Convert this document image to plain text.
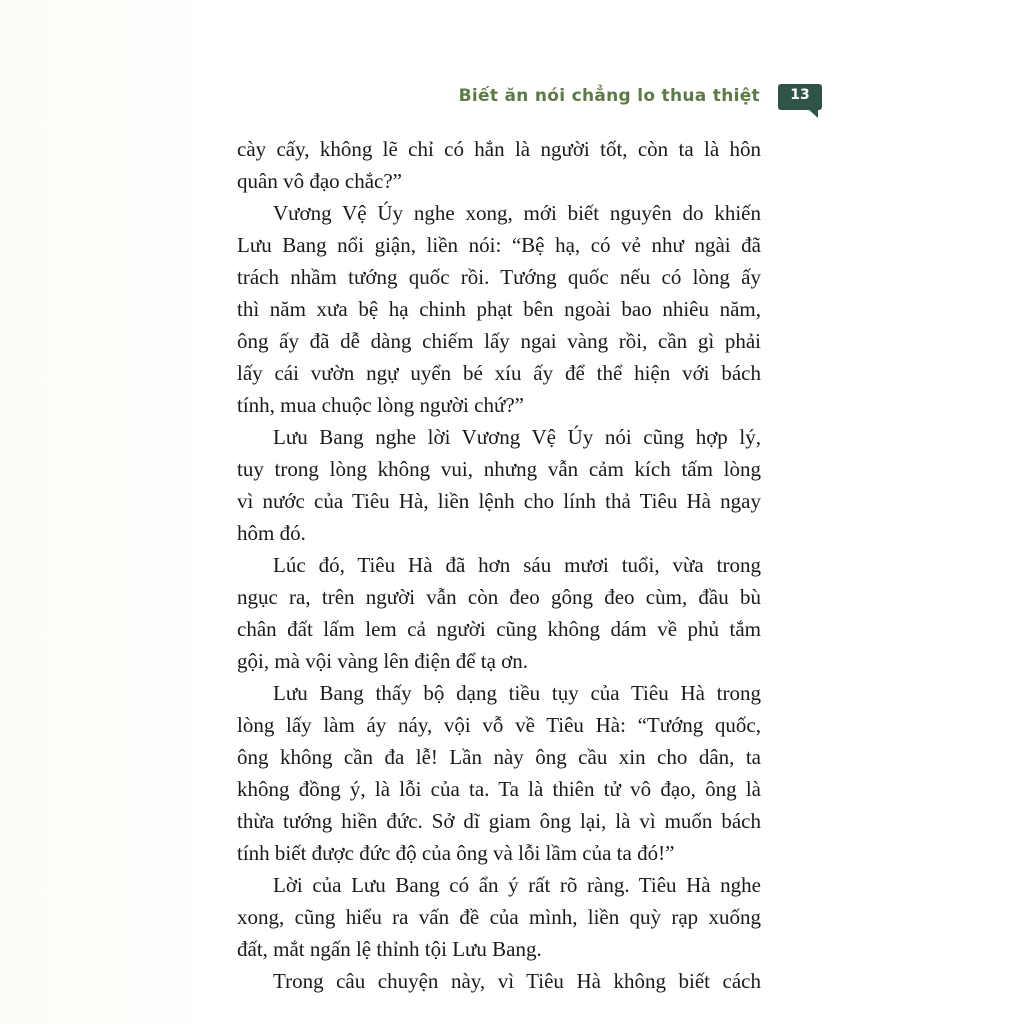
Biết ăn nói chẳng lo thua thiệt	13
cày cấy, không lẽ chỉ có hắn là người tốt, còn ta là hôn
quân vô đạo chắc?”
Vương Vệ Úy nghe xong, mới biết nguyên do khiến
Lưu Bang nổi giận, liền nói: “Bệ hạ, có vẻ như ngài đã
trách nhầm tướng quốc rồi. Tướng quốc nếu có lòng ấy
thì năm xưa bệ hạ chinh phạt bên ngoài bao nhiêu năm,
ông ấy đã dễ dàng chiếm lấy ngai vàng rồi, cần gì phải
lấy cái vườn ngự uyển bé xíu ấy để thể hiện với bách
tính, mua chuộc lòng người chứ?”
Lưu Bang nghe lời Vương Vệ Úy nói cũng hợp lý,
tuy trong lòng không vui, nhưng vẫn cảm kích tấm lòng
vì nước của Tiêu Hà, liền lệnh cho lính thả Tiêu Hà ngay
hôm đó.
Lúc đó, Tiêu Hà đã hơn sáu mươi tuổi, vừa trong
ngục ra, trên người vẫn còn đeo gông đeo cùm, đầu bù
chân đất lấm lem cả người cũng không dám về phủ tắm
gội, mà vội vàng lên điện để tạ ơn.
Lưu Bang thấy bộ dạng tiều tụy của Tiêu Hà trong
lòng lấy làm áy náy, vội vỗ về Tiêu Hà: “Tướng quốc,
ông không cần đa lễ! Lần này ông cầu xin cho dân, ta
không đồng ý, là lỗi của ta. Ta là thiên tử vô đạo, ông là
thừa tướng hiền đức. Sở dĩ giam ông lại, là vì muốn bách
tính biết được đức độ của ông và lỗi lầm của ta đó!”
Lời của Lưu Bang có ẩn ý rất rõ ràng. Tiêu Hà nghe
xong, cũng hiểu ra vấn đề của mình, liền quỳ rạp xuống
đất, mắt ngấn lệ thỉnh tội Lưu Bang.
Trong câu chuyện này, vì Tiêu Hà không biết cách
